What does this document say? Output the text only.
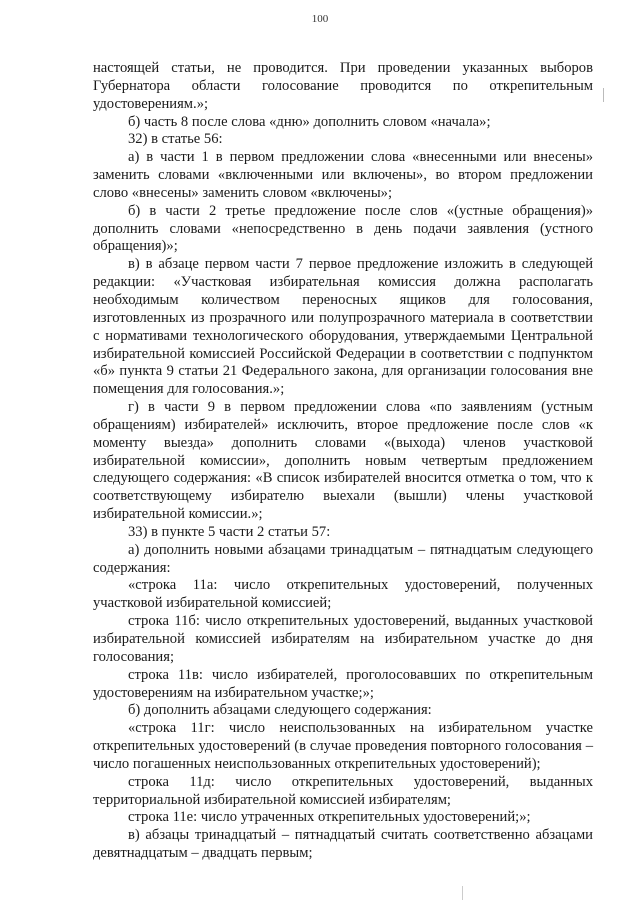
100

настоящей статьи, не проводится. При проведении указанных выборов Губернатора области голосование проводится по открепительным удостоверениям.»;

б) часть 8 после слова «дню» дополнить словом «начала»;

32) в статье 56:

а) в части 1 в первом предложении слова «внесенными или внесены» заменить словами «включенными или включены», во втором предложении слово «внесены» заменить словом «включены»;

б) в части 2 третье предложение после слов «(устные обращения)» дополнить словами «непосредственно в день подачи заявления (устного обращения)»;

в) в абзаце первом части 7 первое предложение изложить в следующей редакции: «Участковая избирательная комиссия должна располагать необходимым количеством переносных ящиков для голосования, изготовленных из прозрачного или полупрозрачного материала в соответствии с нормативами технологического оборудования, утверждаемыми Центральной избирательной комиссией Российской Федерации в соответствии с подпунктом «б» пункта 9 статьи 21 Федерального закона, для организации голосования вне помещения для голосования.»;

г) в части 9 в первом предложении слова «по заявлениям (устным обращениям) избирателей» исключить, второе предложение после слов «к моменту выезда» дополнить словами «(выхода) членов участковой избирательной комиссии», дополнить новым четвертым предложением следующего содержания: «В список избирателей вносится отметка о том, что к соответствующему избирателю выехали (вышли) члены участковой избирательной комиссии.»;

33) в пункте 5 части 2 статьи 57:

а) дополнить новыми абзацами тринадцатым – пятнадцатым следующего содержания:

«строка 11а: число открепительных удостоверений, полученных участковой избирательной комиссией;

строка 11б: число открепительных удостоверений, выданных участковой избирательной комиссией избирателям на избирательном участке до дня голосования;

строка 11в: число избирателей, проголосовавших по открепительным удостоверениям на избирательном участке;»;

б) дополнить абзацами следующего содержания:

«строка 11г: число неиспользованных на избирательном участке открепительных удостоверений (в случае проведения повторного голосования – число погашенных неиспользованных открепительных удостоверений);

строка 11д: число открепительных удостоверений, выданных территориальной избирательной комиссией избирателям;

строка 11е: число утраченных открепительных удостоверений;»;

в) абзацы тринадцатый – пятнадцатый считать соответственно абзацами девятнадцатым – двадцать первым;
